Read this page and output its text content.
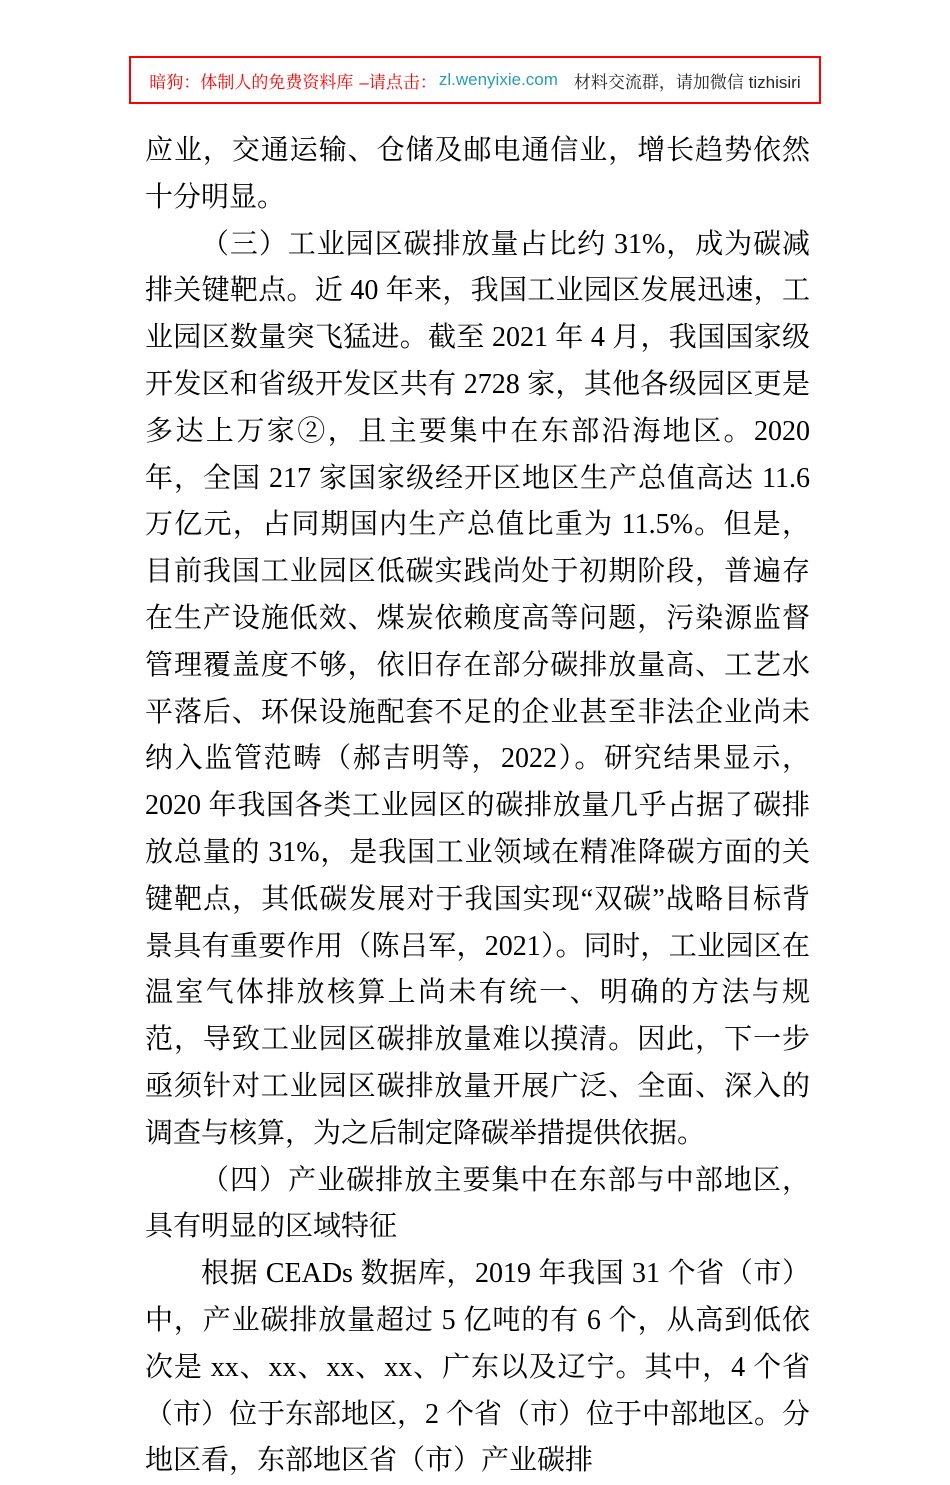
暗狗：体制人的免费资料库 –请点击： zl.wenyixie.com 材料交流群，请加微信 tizhisiri

应业，交通运输、仓储及邮电通信业，增长趋势依然十分明显。

（三）工业园区碳排放量占比约 31%，成为碳减排关键靶点。近 40 年来，我国工业园区发展迅速，工业园区数量突飞猛进。截至 2021 年 4 月，我国国家级开发区和省级开发区共有 2728 家，其他各级园区更是多达上万家②，且主要集中在东部沿海地区。2020 年，全国 217 家国家级经开区地区生产总值高达 11.6 万亿元，占同期国内生产总值比重为 11.5%。但是，目前我国工业园区低碳实践尚处于初期阶段，普遍存在生产设施低效、煤炭依赖度高等问题，污染源监督管理覆盖度不够，依旧存在部分碳排放量高、工艺水平落后、环保设施配套不足的企业甚至非法企业尚未纳入监管范畴（郝吉明等，2022）。研究结果显示，2020 年我国各类工业园区的碳排放量几乎占据了碳排放总量的 31%，是我国工业领域在精准降碳方面的关键靶点，其低碳发展对于我国实现“双碳”战略目标背景具有重要作用（陈吕军，2021）。同时，工业园区在温室气体排放核算上尚未有统一、明确的方法与规范，导致工业园区碳排放量难以摸清。因此，下一步亟须针对工业园区碳排放量开展广泛、全面、深入的调查与核算，为之后制定降碳举措提供依据。

（四）产业碳排放主要集中在东部与中部地区，具有明显的区域特征

根据 CEADs 数据库，2019 年我国 31 个省（市）中，产业碳排放量超过 5 亿吨的有 6 个，从高到低依次是 xx、xx、xx、xx、广东以及辽宁。其中，4 个省（市）位于东部地区，2 个省（市）位于中部地区。分地区看，东部地区省（市）产业碳排
